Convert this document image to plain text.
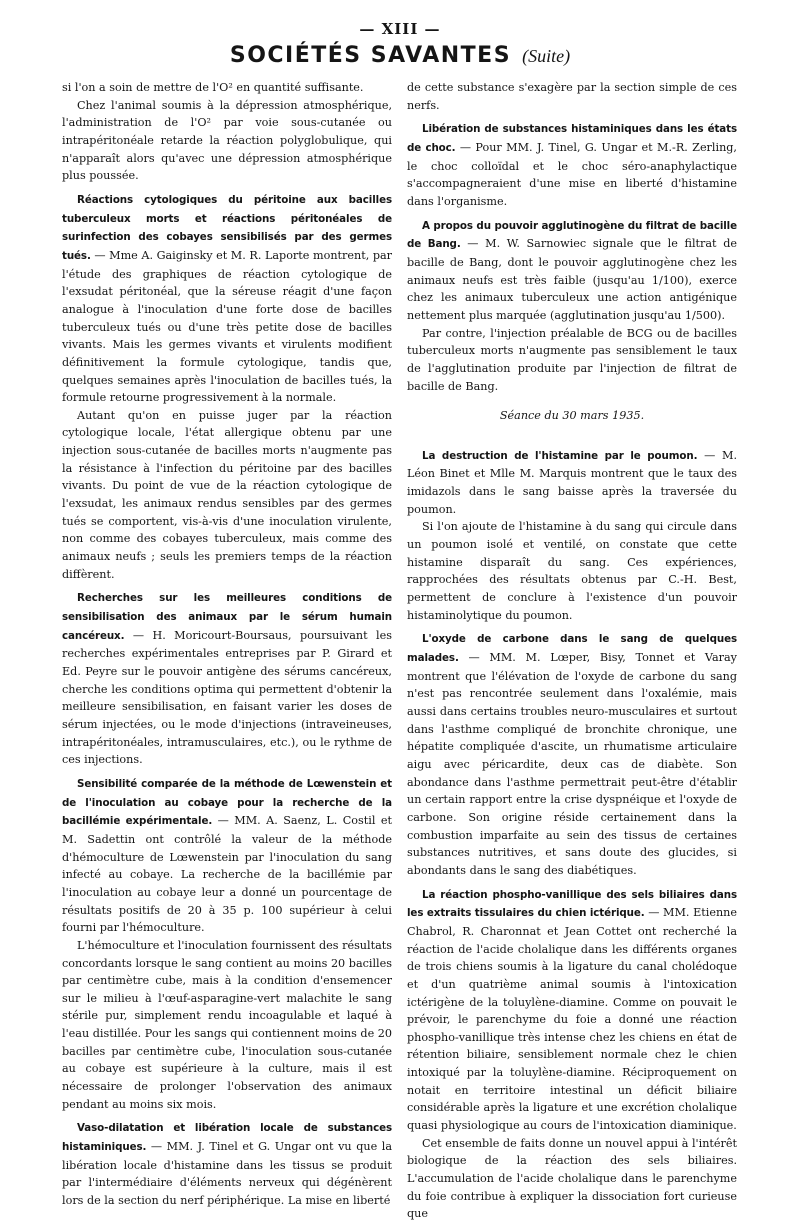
— XIII —
SOCIÉTÉS SAVANTES (Suite)

si l'on a soin de mettre de l'O² en quantité suffisante.

Chez l'animal soumis à la dépression atmosphérique, l'administration de l'O² par voie sous-cutanée ou intrapéritonéale retarde la réaction polyglobulique, qui n'apparaît alors qu'avec une dépression atmosphérique plus poussée.

Réactions cytologiques du péritoine aux bacilles tuberculeux morts et réactions péritonéales de surinfection des cobayes sensibilisés par des germes tués. — Mme A. Gaiginsky et M. R. Laporte montrent, par l'étude des graphiques de réaction cytologique de l'exsudat péritonéal, que la séreuse réagit d'une façon analogue à l'inoculation d'une forte dose de bacilles tuberculeux tués ou d'une très petite dose de bacilles vivants. Mais les germes vivants et virulents modifient définitivement la formule cytologique, tandis que, quelques semaines après l'inoculation de bacilles tués, la formule retourne progressivement à la normale.

Autant qu'on en puisse juger par la réaction cytologique locale, l'état allergique obtenu par une injection sous-cutanée de bacilles morts n'augmente pas la résistance à l'infection du péritoine par des bacilles vivants. Du point de vue de la réaction cytologique de l'exsudat, les animaux rendus sensibles par des germes tués se comportent, vis-à-vis d'une inoculation virulente, non comme des cobayes tuberculeux, mais comme des animaux neufs ; seuls les premiers temps de la réaction diffèrent.

Recherches sur les meilleures conditions de sensibilisation des animaux par le sérum humain cancéreux. — H. Moricourt-Boursaus, poursuivant les recherches expérimentales entreprises par P. Girard et Ed. Peyre sur le pouvoir antigène des sérums cancéreux, cherche les conditions optima qui permettent d'obtenir la meilleure sensibilisation, en faisant varier les doses de sérum injectées, ou le mode d'injections (intraveineuses, intrapéritonéales, intramusculaires, etc.), ou le rythme de ces injections.

Sensibilité comparée de la méthode de Lœwenstein et de l'inoculation au cobaye pour la recherche de la bacillémie expérimentale. — MM. A. Saenz, L. Costil et M. Sadettin ont contrôlé la valeur de la méthode d'hémoculture de Lœwenstein par l'inoculation du sang infecté au cobaye. La recherche de la bacillémie par l'inoculation au cobaye leur a donné un pourcentage de résultats positifs de 20 à 35 p. 100 supérieur à celui fourni par l'hémoculture.

L'hémoculture et l'inoculation fournissent des résultats concordants lorsque le sang contient au moins 20 bacilles par centimètre cube, mais à la condition d'ensemencer sur le milieu à l'œuf-asparagine-vert malachite le sang stérile pur, simplement rendu incoagulable et laqué à l'eau distillée. Pour les sangs qui contiennent moins de 20 bacilles par centimètre cube, l'inoculation sous-cutanée au cobaye est supérieure à la culture, mais il est nécessaire de prolonger l'observation des animaux pendant au moins six mois.

Vaso-dilatation et libération locale de substances histaminiques. — MM. J. Tinel et G. Ungar ont vu que la libération locale d'histamine dans les tissus se produit par l'intermédiaire d'éléments nerveux qui dégénèrent lors de la section du nerf périphérique. La mise en liberté

de cette substance s'exagère par la section simple de ces nerfs.

Libération de substances histaminiques dans les états de choc. — Pour MM. J. Tinel, G. Ungar et M.-R. Zerling, le choc colloïdal et le choc séro-anaphylactique s'accompagneraient d'une mise en liberté d'histamine dans l'organisme.

A propos du pouvoir agglutinogène du filtrat de bacille de Bang. — M. W. Sarnowiec signale que le filtrat de bacille de Bang, dont le pouvoir agglutinogène chez les animaux neufs est très faible (jusqu'au 1/100), exerce chez les animaux tuberculeux une action antigénique nettement plus marquée (agglutination jusqu'au 1/500).

Par contre, l'injection préalable de BCG ou de bacilles tuberculeux morts n'augmente pas sensiblement le taux de l'agglutination produite par l'injection de filtrat de bacille de Bang.

Séance du 30 mars 1935.

La destruction de l'histamine par le poumon. — M. Léon Binet et Mlle M. Marquis montrent que le taux des imidazols dans le sang baisse après la traversée du poumon.

Si l'on ajoute de l'histamine à du sang qui circule dans un poumon isolé et ventilé, on constate que cette histamine disparaît du sang. Ces expériences, rapprochées des résultats obtenus par C.-H. Best, permettent de conclure à l'existence d'un pouvoir histaminolytique du poumon.

L'oxyde de carbone dans le sang de quelques malades. — MM. M. Lœper, Bisy, Tonnet et Varay montrent que l'élévation de l'oxyde de carbone du sang n'est pas rencontrée seulement dans l'oxalémie, mais aussi dans certains troubles neuro-musculaires et surtout dans l'asthme compliqué de bronchite chronique, une hépatite compliquée d'ascite, un rhumatisme articulaire aigu avec péricardite, deux cas de diabète. Son abondance dans l'asthme permettrait peut-être d'établir un certain rapport entre la crise dyspnéique et l'oxyde de carbone. Son origine réside certainement dans la combustion imparfaite au sein des tissus de certaines substances nutritives, et sans doute des glucides, si abondants dans le sang des diabétiques.

La réaction phospho-vanillique des sels biliaires dans les extraits tissulaires du chien ictérique. — MM. Etienne Chabrol, R. Charonnat et Jean Cottet ont recherché la réaction de l'acide cholalique dans les différents organes de trois chiens soumis à la ligature du canal cholédoque et d'un quatrième animal soumis à l'intoxication ictérigène de la toluylène-diamine. Comme on pouvait le prévoir, le parenchyme du foie a donné une réaction phospho-vanillique très intense chez les chiens en état de rétention biliaire, sensiblement normale chez le chien intoxiqué par la toluylène-diamine. Réciproquement on notait en territoire intestinal un déficit biliaire considérable après la ligature et une excrétion cholalique quasi physiologique au cours de l'intoxication diaminique.

Cet ensemble de faits donne un nouvel appui à l'intérêt biologique de la réaction des sels biliaires. L'accumulation de l'acide cholalique dans le parenchyme du foie contribue à expliquer la dissociation fort curieuse que
